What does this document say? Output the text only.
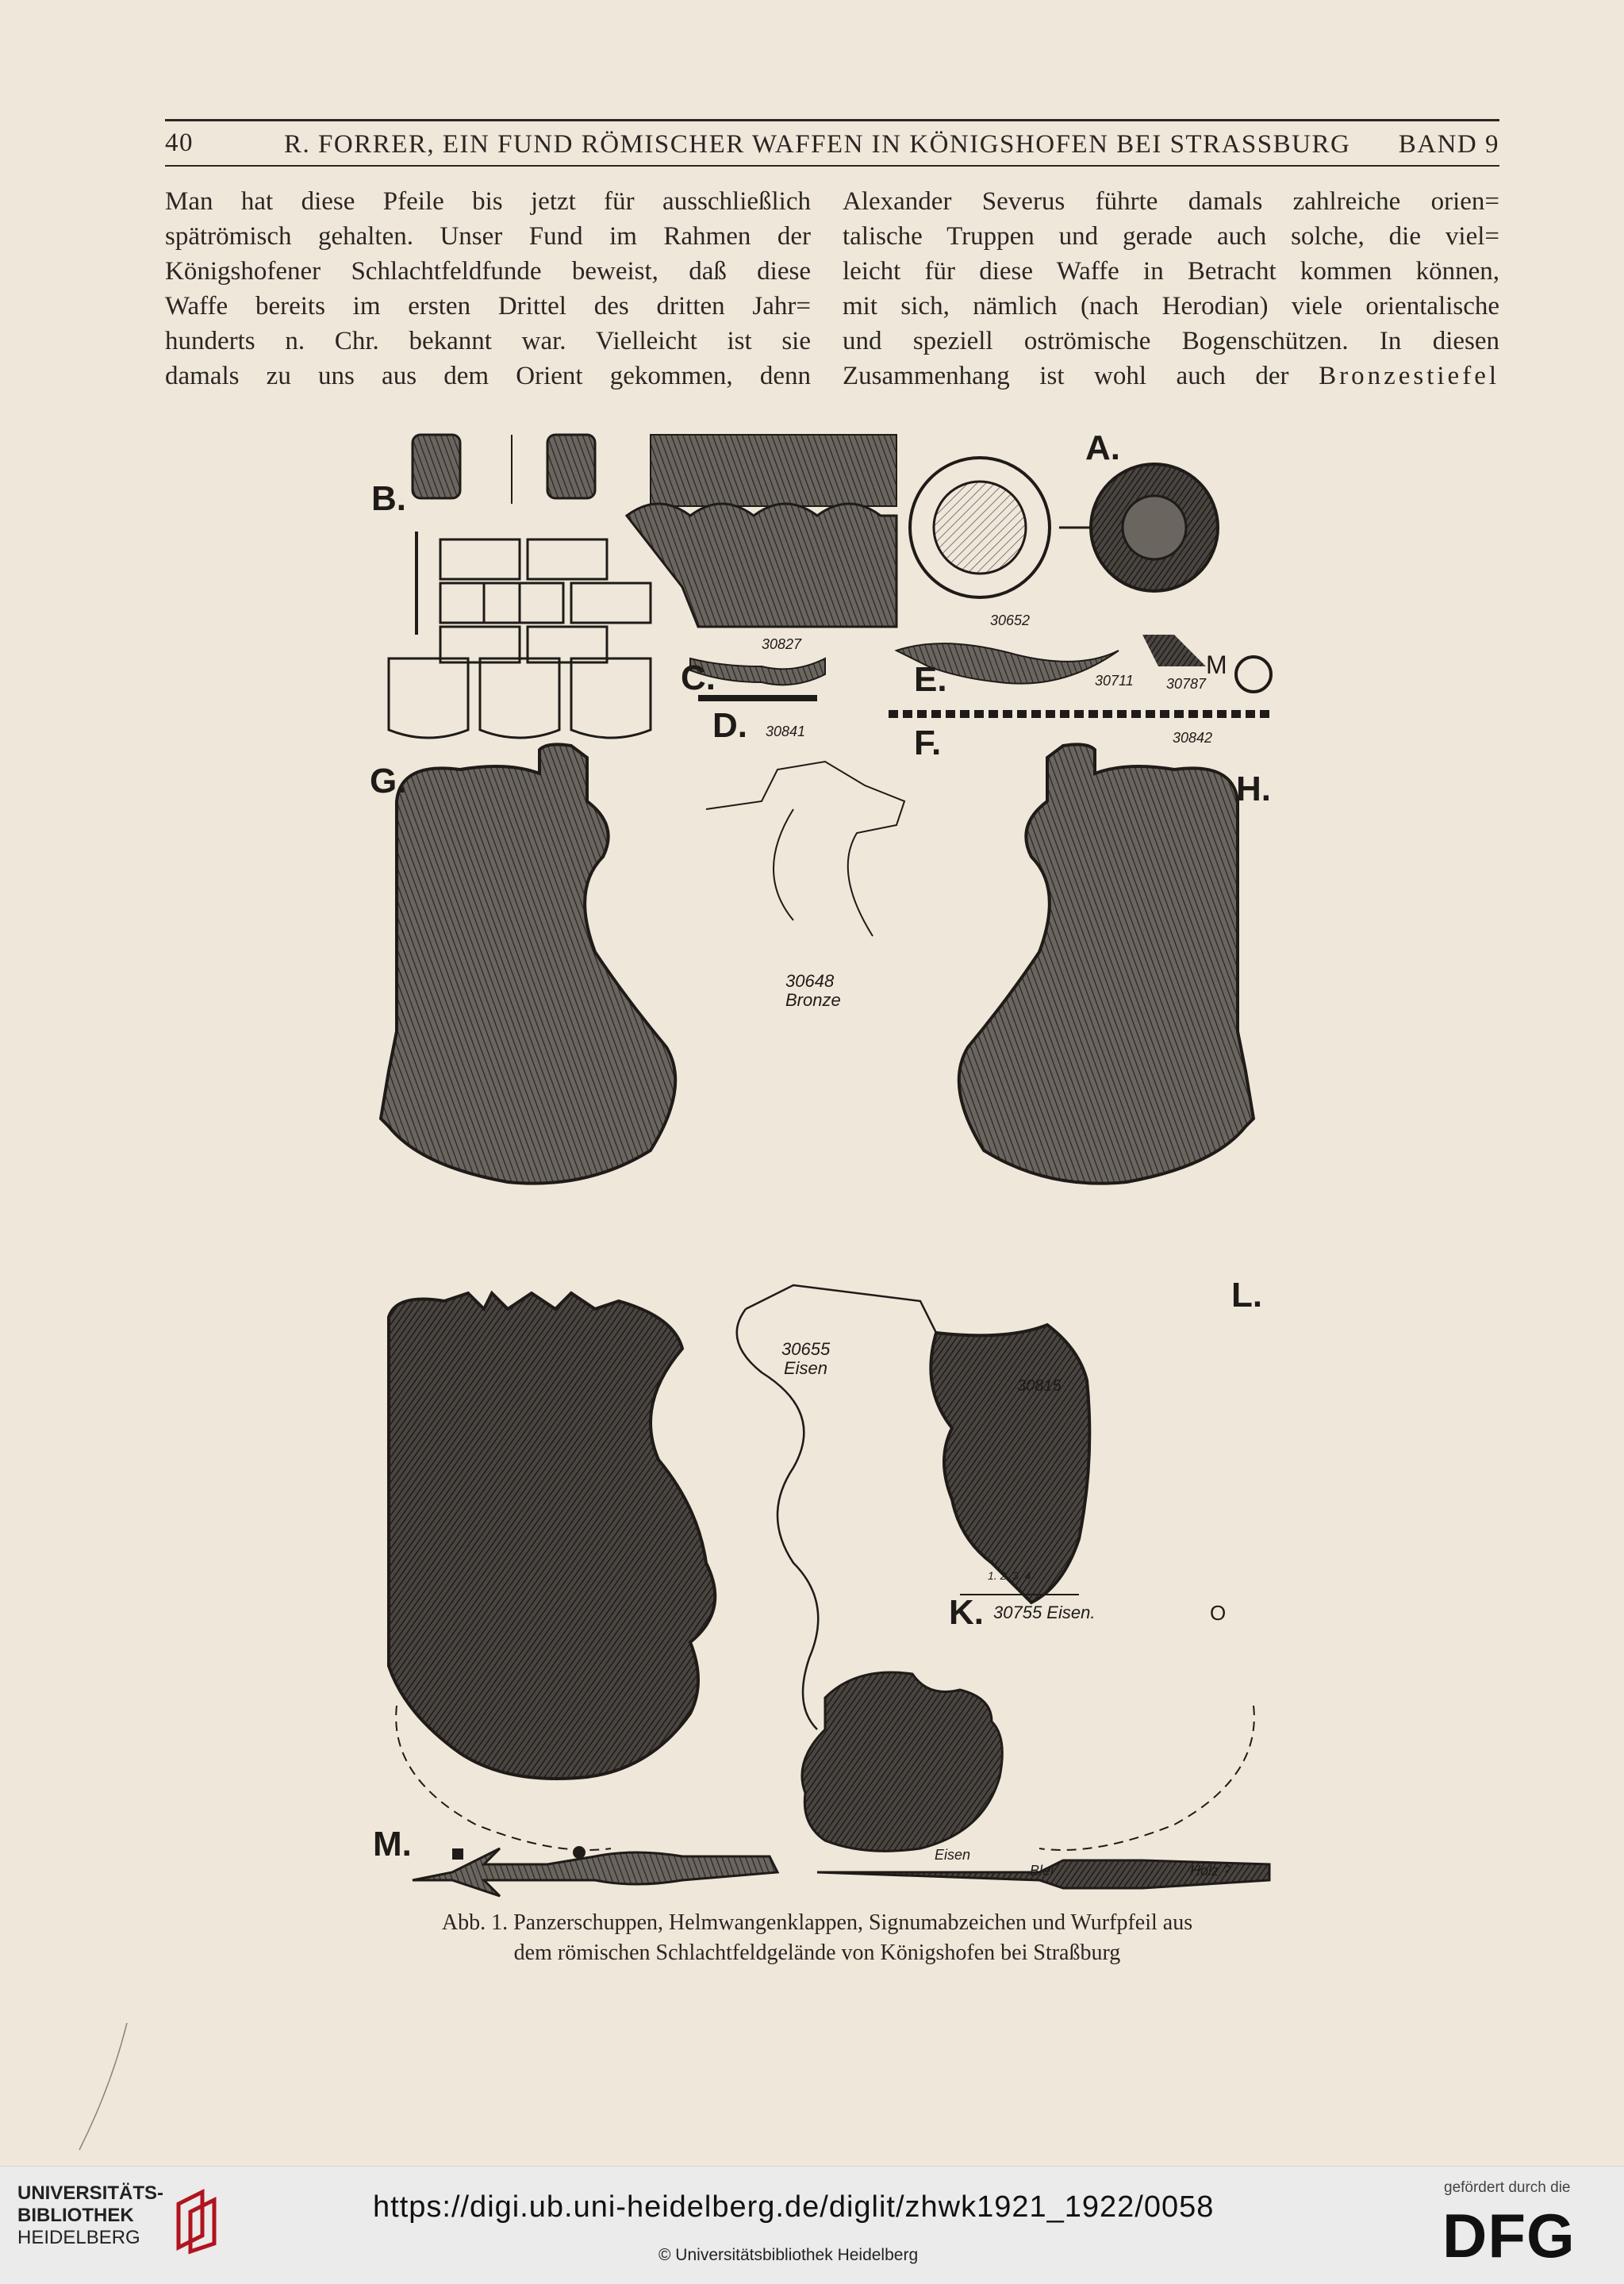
40	R. FORRER, EIN FUND RÖMISCHER WAFFEN IN KÖNIGSHOFEN BEI STRASSBURG BAND 9
Man hat diese Pfeile bis jetzt für ausschließlich
spätrömisch gehalten. Unser Fund im Rahmen der
Königshofener Schlachtfeldfunde beweist, daß diese
Waffe bereits im ersten Drittel des dritten Jahr=
hunderts n. Chr. bekannt war. Vielleicht ist sie
damals zu uns aus dem Orient gekommen, denn
Alexander Severus führte damals zahlreiche orien=
talische Truppen und gerade auch solche, die viel=
leicht für diese Waffe in Betracht kommen können,
mit sich, nämlich (nach Herodian) viele orientalische
und speziell oströmische Bogenschützen. In diesen
Zusammenhang ist wohl auch der Bronzestiefel
A.
B.
C.
D.
E.
F.
M
G.	H.
L.
K.	O
M.
30652
30827
30841
30711 30787
30842
30648
Bronze
30655
Eisen
30815
30755 Eisen.
1. 2. 3. 4
Eisen
Blei	Holz ?
Abb. 1. Panzerschuppen, Helmwangenklappen, Signumabzeichen und Wurfpfeil aus
dem römischen Schlachtfeldgelände von Königshofen bei Straßburg
UNIVERSITÄTS-
BIBLIOTHEK
HEIDELBERG
https://digi.ub.uni-heidelberg.de/diglit/zhwk1921_1922/0058
© Universitätsbibliothek Heidelberg
gefördert durch die
DFG
